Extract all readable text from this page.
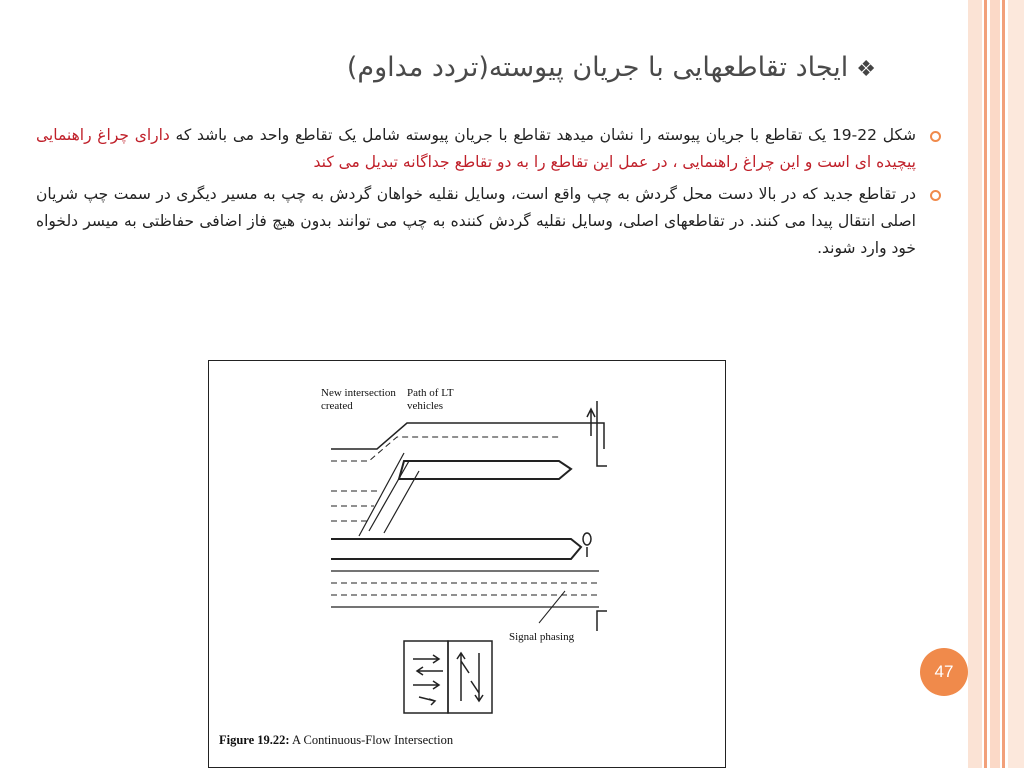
❖ایجاد تقاطعهایی با جریان پیوسته(تردد مداوم)

شکل 22-19 یک تقاطع با جریان پیوسته را نشان میدهد تقاطع با جریان پیوسته شامل یک تقاطع واحد می باشد که دارای چراغ راهنمایی پیچیده ای است و این چراغ راهنمایی ، در عمل این تقاطع را به دو تقاطع جداگانه تبدیل می کند

در تقاطع جدید که در بالا دست محل گردش به چپ واقع است، وسایل نقلیه خواهان گردش به چپ به مسیر دیگری در سمت چپ شریان اصلی انتقال پیدا می کنند. در تقاطعهای اصلی، وسایل نقلیه گردش کننده به چپ می توانند بدون هیچ فاز اضافی حفاظتی به میسر دلخواه خود وارد شوند.

New intersection
created
Path of LT
vehicles
Signal phasing
Figure 19.22: A Continuous-Flow Intersection
47
